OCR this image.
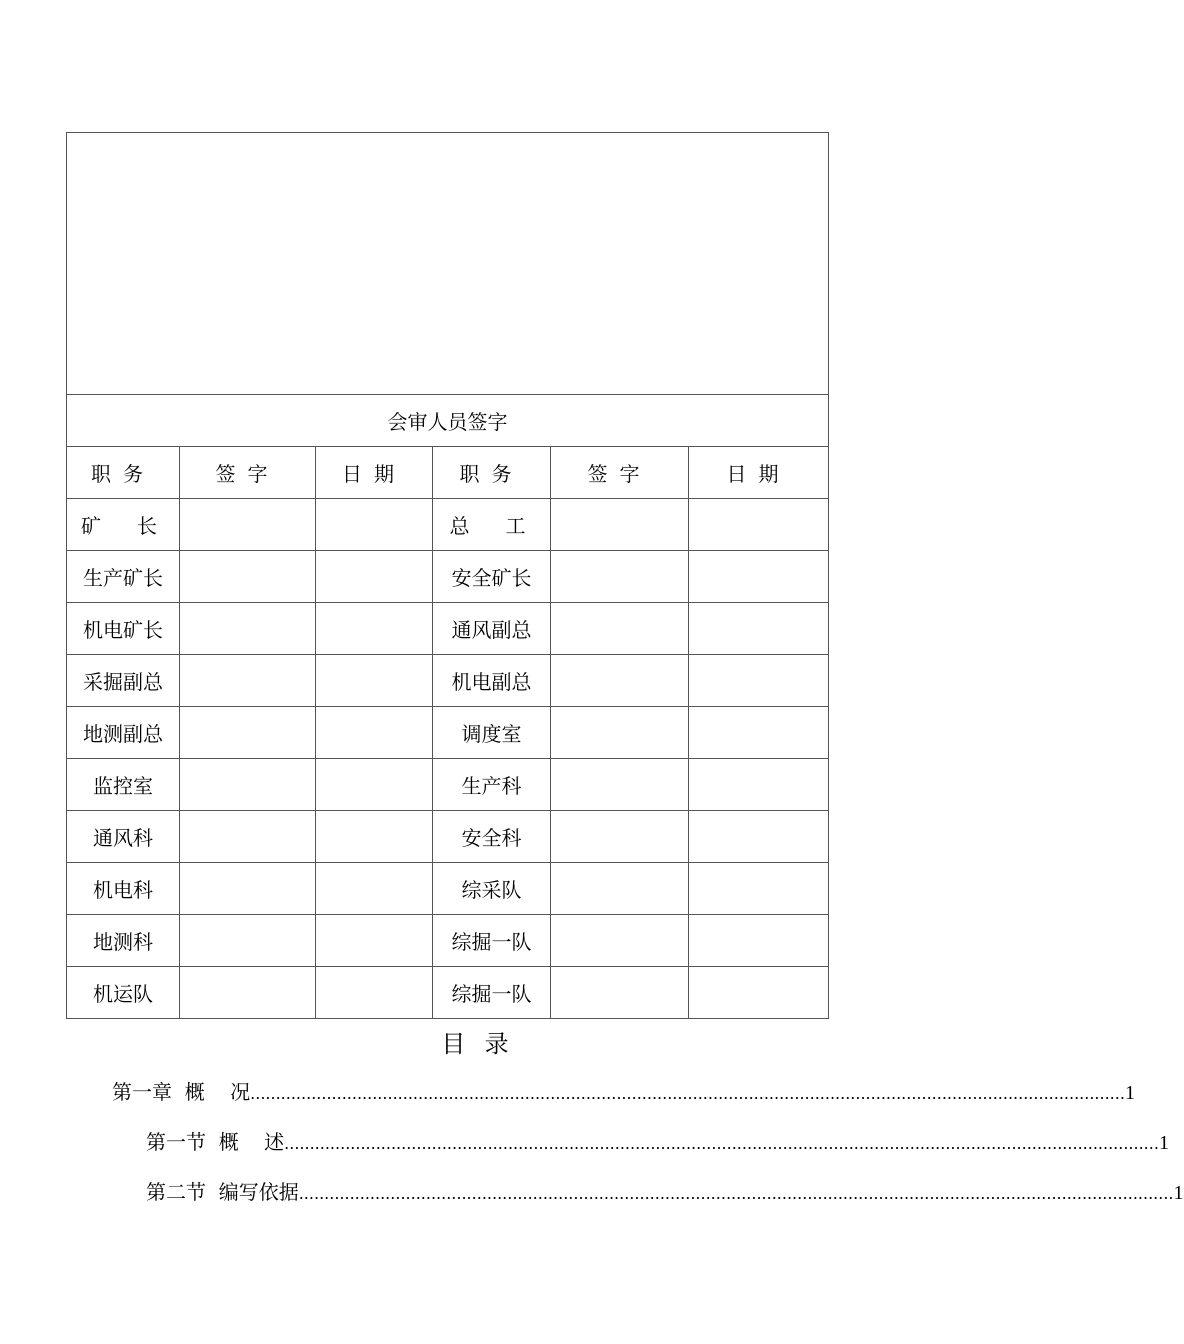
会审人员签字					
职务	签字	日期	职务	签字	日期
矿　长			总　工		
生产矿长			安全矿长		
机电矿长			通风副总		
采掘副总			机电副总		
地测副总			调度室		
监控室			生产科		
通风科			安全科		
机电科			综采队		
地测科			综掘一队		
机运队			综掘一队		
目录
第一章  概    况 ............................................................................................................................................................................ 1
第一节  概    述 ............................................................................................................................................................................ 1
第二节  编写依据 ............................................................................................................................................................................ 1
